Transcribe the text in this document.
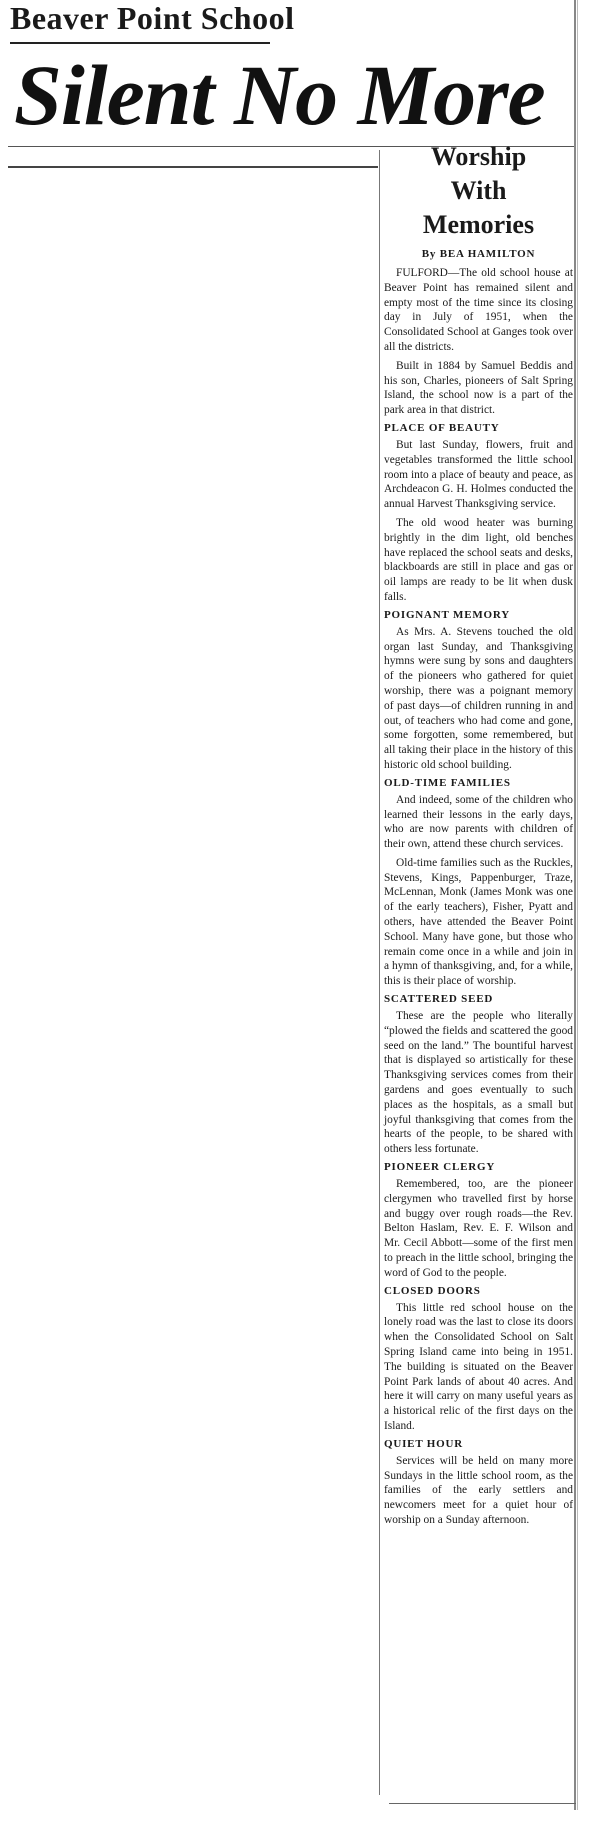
Beaver Point School
Silent No More
Worship
With
Memories
By BEA HAMILTON

FULFORD—The old school house at Beaver Point has remained silent and empty most of the time since its closing day in July of 1951, when the Consolidated School at Ganges took over all the districts.

Built in 1884 by Samuel Beddis and his son, Charles, pioneers of Salt Spring Island, the school now is a part of the park area in that district.

PLACE OF BEAUTY

But last Sunday, flowers, fruit and vegetables transformed the little school room into a place of beauty and peace, as Archdeacon G. H. Holmes conducted the annual Harvest Thanksgiving service.

The old wood heater was burning brightly in the dim light, old benches have replaced the school seats and desks, blackboards are still in place and gas or oil lamps are ready to be lit when dusk falls.

POIGNANT MEMORY

As Mrs. A. Stevens touched the old organ last Sunday, and Thanksgiving hymns were sung by sons and daughters of the pioneers who gathered for quiet worship, there was a poignant memory of past days—of children running in and out, of teachers who had come and gone, some forgotten, some remembered, but all taking their place in the history of this historic old school building.

OLD-TIME FAMILIES

And indeed, some of the children who learned their lessons in the early days, who are now parents with children of their own, attend these church services.

Old-time families such as the Ruckles, Stevens, Kings, Pappenburger, Traze, McLennan, Monk (James Monk was one of the early teachers), Fisher, Pyatt and others, have attended the Beaver Point School. Many have gone, but those who remain come once in a while and join in a hymn of thanksgiving, and, for a while, this is their place of worship.

SCATTERED SEED

These are the people who literally “plowed the fields and scattered the good seed on the land.” The bountiful harvest that is displayed so artistically for these Thanksgiving services comes from their gardens and goes eventually to such places as the hospitals, as a small but joyful thanksgiving that comes from the hearts of the people, to be shared with others less fortunate.

PIONEER CLERGY

Remembered, too, are the pioneer clergymen who travelled first by horse and buggy over rough roads—the Rev. Belton Haslam, Rev. E. F. Wilson and Mr. Cecil Abbott—some of the first men to preach in the little school, bringing the word of God to the people.

CLOSED DOORS

This little red school house on the lonely road was the last to close its doors when the Consolidated School on Salt Spring Island came into being in 1951. The building is situated on the Beaver Point Park lands of about 40 acres. And here it will carry on many useful years as a historical relic of the first days on the Island.

QUIET HOUR

Services will be held on many more Sundays in the little school room, as the families of the early settlers and newcomers meet for a quiet hour of worship on a Sunday afternoon.
